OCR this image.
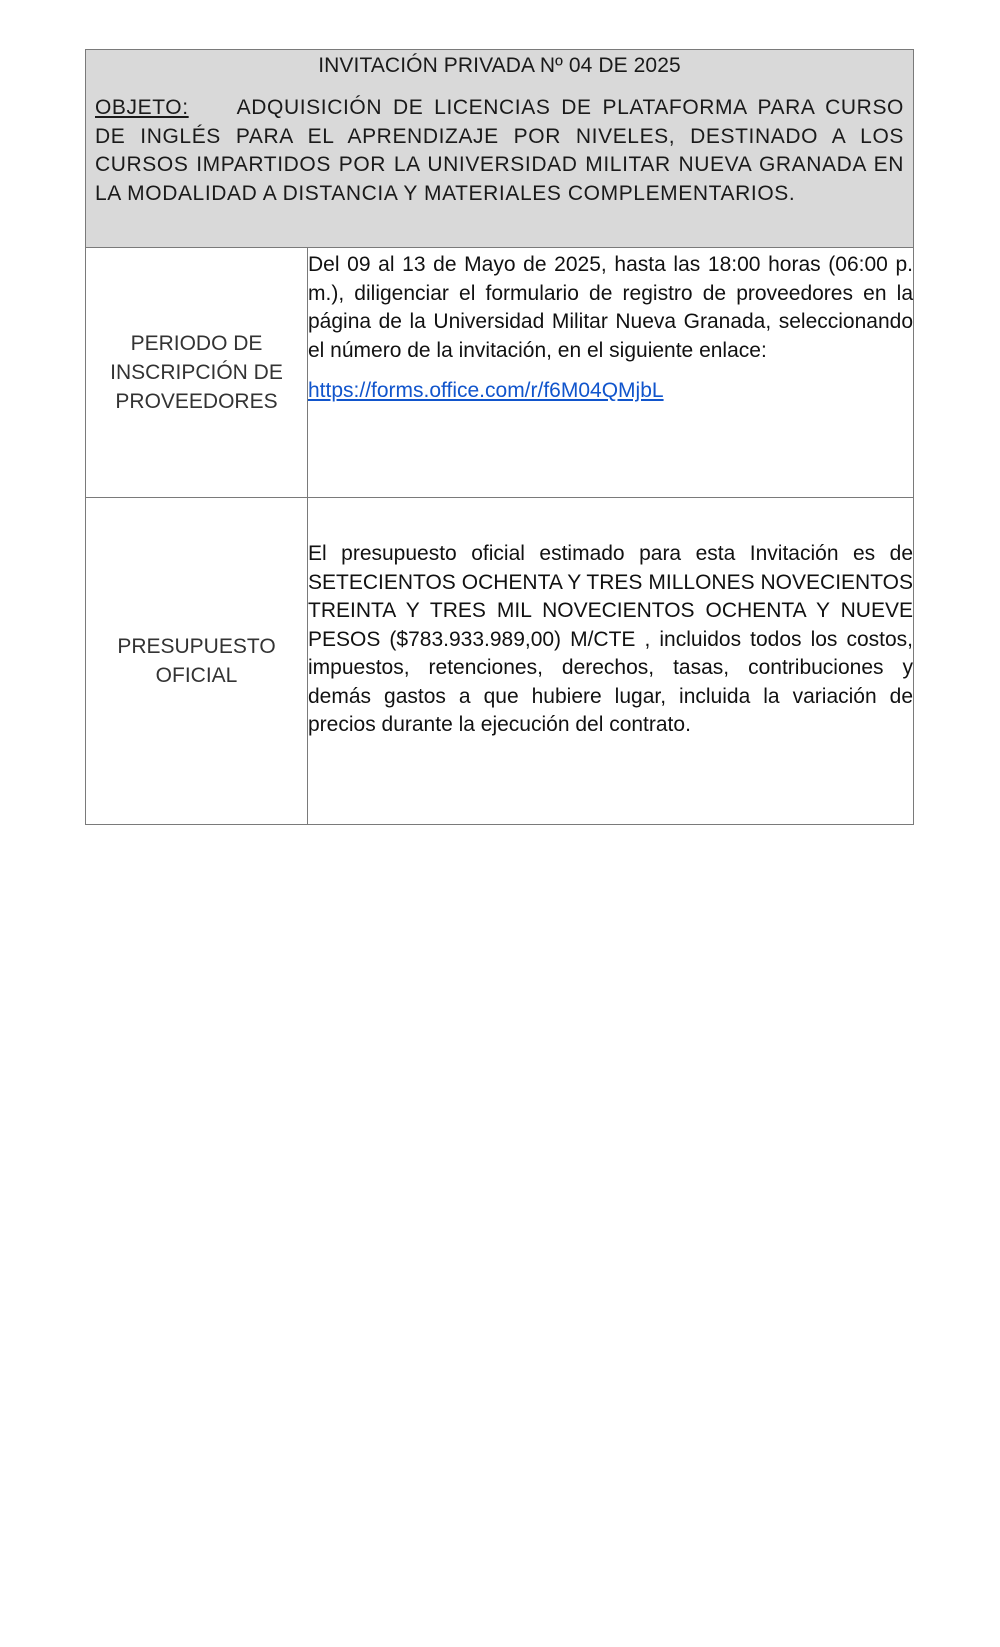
INVITACIÓN PRIVADA Nº 04 DE 2025

OBJETO: ADQUISICIÓN DE LICENCIAS DE PLATAFORMA PARA CURSO DE INGLÉS PARA EL APRENDIZAJE POR NIVELES, DESTINADO A LOS CURSOS IMPARTIDOS POR LA UNIVERSIDAD MILITAR NUEVA GRANADA EN LA MODALIDAD A DISTANCIA Y MATERIALES COMPLEMENTARIOS.

PERIODO DE INSCRIPCIÓN DE PROVEEDORES

Del 09 al 13 de Mayo de 2025, hasta las 18:00 horas (06:00 p. m.), diligenciar el formulario de registro de proveedores en la página de la Universidad Militar Nueva Granada, seleccionando el número de la invitación, en el siguiente enlace:

https://forms.office.com/r/f6M04QMjbL

PRESUPUESTO OFICIAL

El presupuesto oficial estimado para esta Invitación es de SETECIENTOS OCHENTA Y TRES MILLONES NOVECIENTOS TREINTA Y TRES MIL NOVECIENTOS OCHENTA Y NUEVE PESOS ($783.933.989,00) M/CTE , incluidos todos los costos, impuestos, retenciones, derechos, tasas, contribuciones y demás gastos a que hubiere lugar, incluida la variación de precios durante la ejecución del contrato.
